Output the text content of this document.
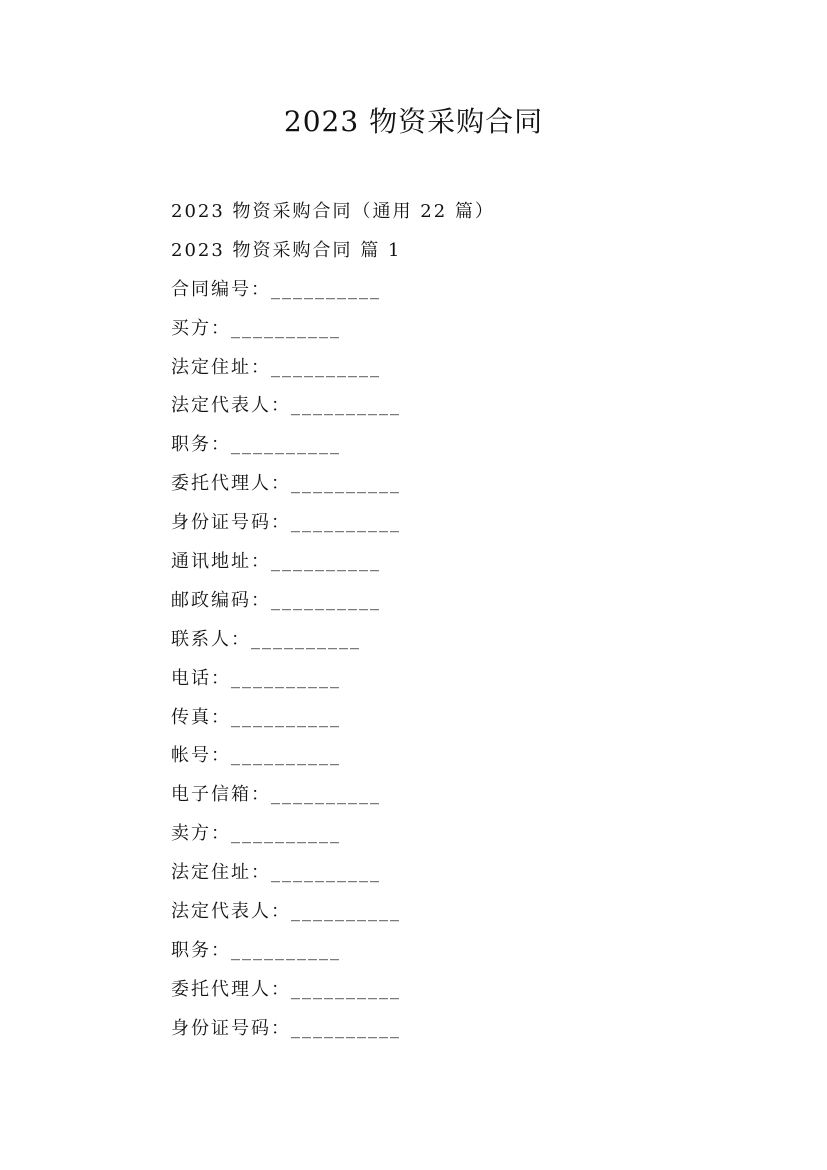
2023 物资采购合同
2023 物资采购合同（通用 22 篇）
2023 物资采购合同 篇 1
合同编号：__________
买方：__________
法定住址：__________
法定代表人：__________
职务：__________
委托代理人：__________
身份证号码：__________
通讯地址：__________
邮政编码：__________
联系人：__________
电话：__________
传真：__________
帐号：__________
电子信箱：__________
卖方：__________
法定住址：__________
法定代表人：__________
职务：__________
委托代理人：__________
身份证号码：__________
